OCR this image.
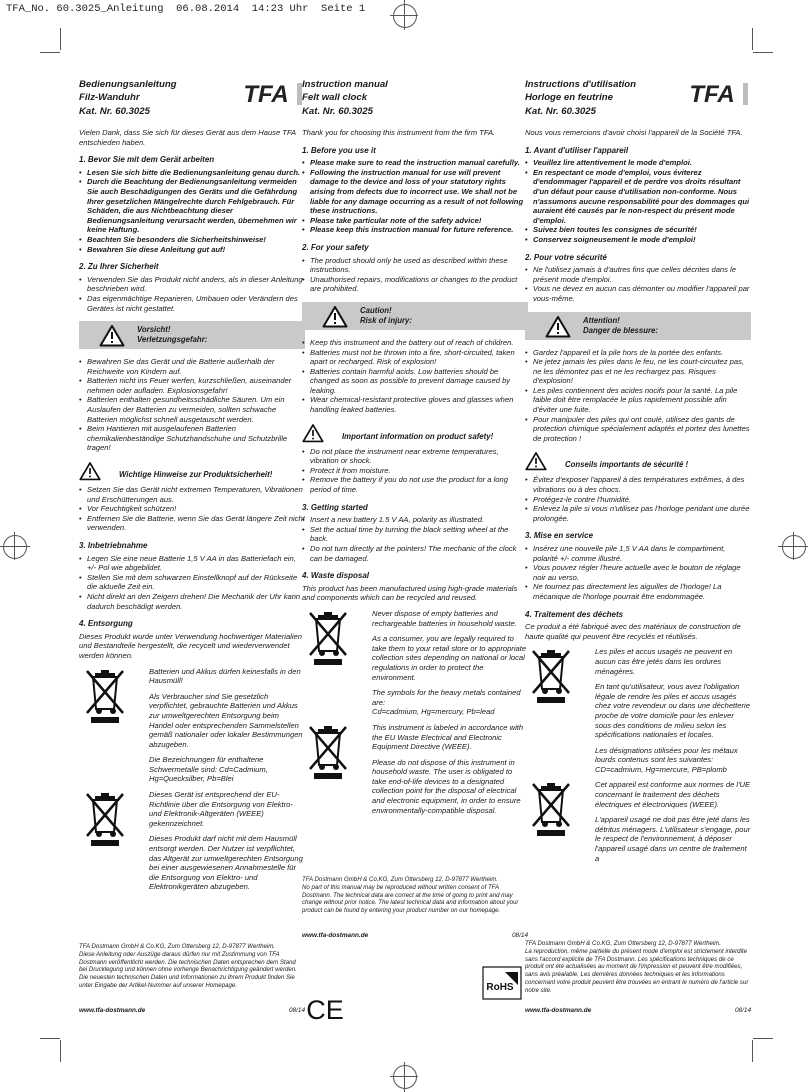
TFA_No. 60.3025_Anleitung  06.08.2014  14:23 Uhr  Seite 1
Bedienungsanleitung
Filz-Wanduhr
Kat. Nr. 60.3025
TFA

Vielen Dank, dass Sie sich für dieses Gerät aus dem Hause TFA entschieden haben.

1. Bevor Sie mit dem Gerät arbeiten
• Lesen Sie sich bitte die Bedienungsanleitung genau durch.
• Durch die Beachtung der Bedienungsanleitung vermeiden Sie auch Beschädigungen des Geräts und die Gefährdung Ihrer gesetzlichen Mängelrechte durch Fehlgebrauch. Für Schäden, die aus Nichtbeachtung dieser Bedienungsanleitung verursacht werden, übernehmen wir keine Haftung.
• Beachten Sie besonders die Sicherheitshinweise!
• Bewahren Sie diese Anleitung gut auf!
2. Zu Ihrer Sicherheit
• Verwenden Sie das Produkt nicht anders, als in dieser Anleitung beschrieben wird.
• Das eigenmächtige Reparieren, Umbauen oder Verändern des Gerätes ist nicht gestattet.
Vorsicht!
Verletzungsgefahr:
• Bewahren Sie das Gerät und die Batterie außerhalb der Reichweite von Kindern auf.
• Batterien nicht ins Feuer werfen, kurzschließen, auseinander nehmen oder aufladen. Explosionsgefahr!
• Batterien enthalten gesundheitsschädliche Säuren. Um ein Auslaufen der Batterien zu vermeiden, sollten schwache Batterien möglichst schnell ausgetauscht werden.
• Beim Hantieren mit ausgelaufenen Batterien chemikalienbeständige Schutzhandschuhe und Schutzbrille tragen!
Wichtige Hinweise zur Produktsicherheit!
• Setzen Sie das Gerät nicht extremen Temperaturen, Vibrationen und Erschütterungen aus.
• Vor Feuchtigkeit schützen!
• Entfernen Sie die Batterie, wenn Sie das Gerät längere Zeit nicht verwenden.
3. Inbetriebnahme
• Legen Sie eine neue Batterie 1,5 V AA in das Batteriefach ein, +/- Pol wie abgebildet.
• Stellen Sie mit dem schwarzen Einstellknopf auf der Rückseite die aktuelle Zeit ein.
• Nicht direkt an den Zeigern drehen! Die Mechanik der Uhr kann dadurch beschädigt werden.
4. Entsorgung

Dieses Produkt wurde unter Verwendung hochwertiger Materialien und Bestandteile hergestellt, die recycelt und wiederverwendet werden können.

Batterien und Akkus dürfen keinesfalls in den Hausmüll!

Als Verbraucher sind Sie gesetzlich verpflichtet, gebrauchte Batterien und Akkus zur umweltgerechten Entsorgung beim Handel oder entsprechenden Sammelstellen gemäß nationaler oder lokaler Bestimmungen abzugeben.

Die Bezeichnungen für enthaltene Schwermetalle sind: Cd=Cadmium, Hg=Quecksilber, Pb=Blei

Dieses Gerät ist entsprechend der EU-Richtlinie über die Entsorgung von Elektro- und Elektronik-Altgeräten (WEEE) gekennzeichnet.

Dieses Produkt darf nicht mit dem Hausmüll entsorgt werden. Der Nutzer ist verpflichtet, das Altgerät zur umweltgerechten Entsorgung bei einer ausgewiesenen Annahmestelle für die Entsorgung von Elektro- und Elektronikgeräten abzugeben.

TFA Dostmann GmbH & Co.KG, Zum Ottersberg 12, D-97877 Wertheim.

Diese Anleitung oder Auszüge daraus dürfen nur mit Zustimmung von TFA Dostmann veröffentlicht werden. Die technischen Daten entsprechen dem Stand bei Drucklegung und können ohne vorherige Benachrichtigung geändert werden. Die neuesten technischen Daten und Informationen zu Ihrem Produkt finden Sie unter Eingabe der Artikel-Nummer auf unserer Homepage.

www.tfa-dostmann.de	08/14
Instruction manual
Felt wall clock
Kat. Nr. 60.3025

Thank you for choosing this instrument from the firm TFA.

1. Before you use it
• Please make sure to read the instruction manual carefully.
• Following the instruction manual for use will prevent damage to the device and loss of your statutory rights arising from defects due to incorrect use. We shall not be liable for any damage occurring as a result of not following these instructions.
• Please take particular note of the safety advice!
• Please keep this instruction manual for future reference.
2. For your safety
• The product should only be used as described within these instructions.
• Unauthorised repairs, modifications or changes to the product are prohibited.
Caution!
Risk of injury:
• Keep this instrument and the battery out of reach of children.
• Batteries must not be thrown into a fire, short-circuited, taken apart or recharged. Risk of explosion!
• Batteries contain harmful acids. Low batteries should be changed as soon as possible to prevent damage caused by leaking.
• Wear chemical-resistant protective gloves and glasses when handling leaked batteries.
Important information on product safety!
• Do not place the instrument near extreme temperatures, vibration or shock.
• Protect it from moisture.
• Remove the battery if you do not use the product for a long period of time.
3. Getting started
• Insert a new battery 1.5 V AA, polarity as illustrated.
• Set the actual time by turning the black setting wheel at the back.
• Do not turn directly at the pointers! The mechanic of the clock can be damaged.
4. Waste disposal

This product has been manufactured using high-grade materials and components which can be recycled and reused.

Never dispose of empty batteries and rechargeable batteries in household waste.

As a consumer, you are legally required to take them to your retail store or to appropriate collection sites depending on national or local regulations in order to protect the environment.

The symbols for the heavy metals contained are:

Cd=cadmium, Hg=mercury, Pb=lead

This instrument is labeled in accordance with the EU Waste Electrical and Electronic Equipment Directive (WEEE).

Please do not dispose of this instrument in household waste. The user is obligated to take end-of-life devices to a designated collection point for the disposal of electrical and electronic equipment, in order to ensure environmentally-compatible disposal.

TFA Dostmann GmbH & Co.KG, Zum Ottersberg 12, D-97877 Wertheim.

No part of this manual may be reproduced without written consent of TFA Dostmann. The technical data are correct at the time of going to print and may change without prior notice. The latest technical data and information about your product can be found by entering your product number on our homepage.

www.tfa-dostmann.de	08/14
CE
Instructions d'utilisation
Horloge en feutrine
Kat. Nr. 60.3025
TFA

Nous vous remercions d'avoir choisi l'appareil de la Société TFA.

1. Avant d'utiliser l'appareil
• Veuillez lire attentivement le mode d'emploi.
• En respectant ce mode d'emploi, vous éviterez d'endommager l'appareil et de perdre vos droits résultant d'un défaut pour cause d'utilisation non-conforme. Nous n'assumons aucune responsabilité pour des dommages qui auraient été causés par le non-respect du présent mode d'emploi.
• Suivez bien toutes les consignes de sécurité!
• Conservez soigneusement le mode d'emploi!
2. Pour votre sécurité
• Ne l'utilisez jamais à d'autres fins que celles décrites dans le présent mode d'emploi.
• Vous ne devez en aucun cas démonter ou modifier l'appareil par vous-même.
Attention!
Danger de blessure:
• Gardez l'appareil et la pile hors de la portée des enfants.
• Ne jetez jamais les piles dans le feu, ne les court-circuitez pas, ne les démontez pas et ne les rechargez pas. Risques d'explosion!
• Les piles contiennent des acides nocifs pour la santé. La pile faible doit être remplacée le plus rapidement possible afin d'éviter une fuite.
• Pour manipuler des piles qui ont coulé, utilisez des gants de protection chimique spécialement adaptés et portez des lunettes de protection !
Conseils importants de sécurité !
• Évitez d'exposer l'appareil à des températures extrêmes, à des vibrations ou à des chocs.
• Protégez-le contre l'humidité.
• Enlevez la pile si vous n'utilisez pas l'horloge pendant une durée prolongée.
3. Mise en service
• Insérez une nouvelle pile 1,5 V AA dans le compartiment, polarité +/- comme illustré.
• Vous pouvez régler l'heure actuelle avec le bouton de réglage noir au verso.
• Ne tournez pas directement les aiguilles de l'horloge! La mécanique de l'horloge pourrait être endommagée.
4. Traitement des déchets

Ce produit a été fabriqué avec des matériaux de construction de haute qualité qui peuvent être recyclés et réutilisés.

Les piles et accus usagés ne peuvent en aucun cas être jetés dans les ordures ménagères.

En tant qu'utilisateur, vous avez l'obligation légale de rendre les piles et accus usagés chez votre revendeur ou dans une déchetterie proche de votre domicile pour les enlever sous des conditions de milieu selon les spécifications nationales et locales.

Les désignations utilisées pour les métaux lourds contenus sont les suivantes:

CD=cadmium, Hg=mercure, PB=plomb

Cet appareil est conforme aux normes de l'UE concernant le traitement des déchets électriques et électroniques (WEEE).

L'appareil usagé ne doit pas être jeté dans les détritus ménagers. L'utilisateur s'engage, pour le respect de l'environnement, à déposer l'appareil usagé dans un centre de traitement a

RoHS

TFA Dostmann GmbH & Co.KG, Zum Ottersberg 12, D-97877 Wertheim.

La reproduction, même partielle du présent mode d'emploi est strictement interdite sans l'accord explicite de TFA Dostmann. Les spécifications techniques de ce produit ont été actualisées au moment de l'impression et peuvent être modifiées, sans avis préalable. Les dernières données techniques et les informations concernant votre produit peuvent être trouvées en entrant le numéro de l'article sur notre site.

www.tfa-dostmann.de	08/14
